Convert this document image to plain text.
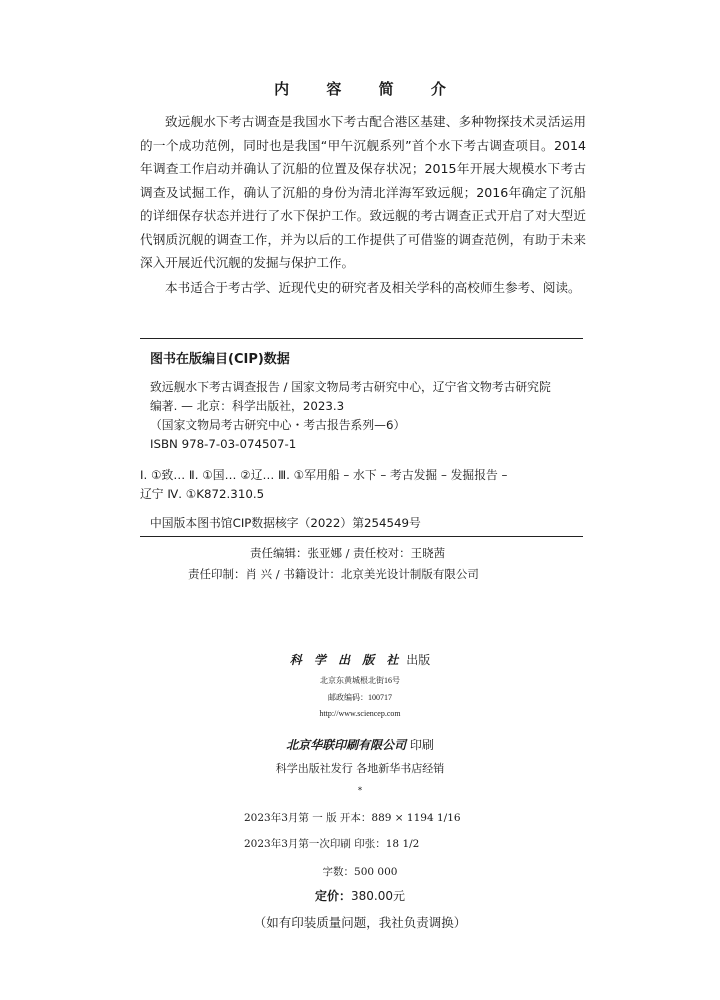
内 容 简 介

致远舰水下考古调查是我国水下考古配合港区基建、多种物探技术灵活运用的一个成功范例，同时也是我国“甲午沉舰系列”首个水下考古调查项目。2014年调查工作启动并确认了沉船的位置及保存状况；2015年开展大规模水下考古调查及试掘工作，确认了沉船的身份为清北洋海军致远舰；2016年确定了沉船的详细保存状态并进行了水下保护工作。致远舰的考古调查正式开启了对大型近代钢质沉舰的调查工作，并为以后的工作提供了可借鉴的调查范例，有助于未来深入开展近代沉舰的发掘与保护工作。

本书适合于考古学、近现代史的研究者及相关学科的高校师生参考、阅读。

图书在版编目(CIP)数据
致远舰水下考古调查报告 / 国家文物局考古研究中心，辽宁省文物考古研究院
编著. — 北京：科学出版社，2023.3
（国家文物局考古研究中心・考古报告系列—6）
ISBN 978-7-03-074507-1
Ⅰ. ①致… Ⅱ. ①国… ②辽… Ⅲ. ①军用船 – 水下 – 考古发掘 – 发掘报告 –
辽宁 Ⅳ. ①K872.310.5
中国版本图书馆CIP数据核字（2022）第254549号
责任编辑：张亚娜 / 责任校对：王晓茜
责任印制：肖 兴 / 书籍设计：北京美光设计制版有限公司
科 学 出 版 社 出版
北京东黄城根北街16号
邮政编码：100717
http://www.sciencep.com
北京华联印刷有限公司 印刷
科学出版社发行 各地新华书店经销
*
2023年3月第 一 版 开本：889 × 1194 1/16
2023年3月第一次印刷 印张：18 1/2
字数：500 000
定价：380.00元
（如有印装质量问题，我社负责调换）
